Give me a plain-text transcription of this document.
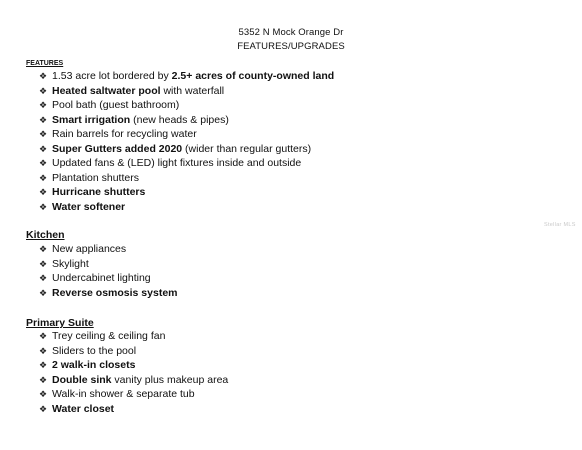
5352 N Mock Orange Dr
FEATURES/UPGRADES
FEATURES
❖ 1.53 acre lot bordered by 2.5+ acres of county-owned land
❖ Heated saltwater pool with waterfall
❖ Pool bath (guest bathroom)
❖ Smart irrigation (new heads & pipes)
❖ Rain barrels for recycling water
❖ Super Gutters added 2020 (wider than regular gutters)
❖ Updated fans & (LED) light fixtures inside and outside
❖ Plantation shutters
❖ Hurricane shutters
❖ Water softener
Kitchen
❖ New appliances
❖ Skylight
❖ Undercabinet lighting
❖ Reverse osmosis system
Primary Suite
❖ Trey ceiling & ceiling fan
❖ Sliders to the pool
❖ 2 walk-in closets
❖ Double sink vanity plus makeup area
❖ Walk-in shower & separate tub
❖ Water closet
Stellar MLS
